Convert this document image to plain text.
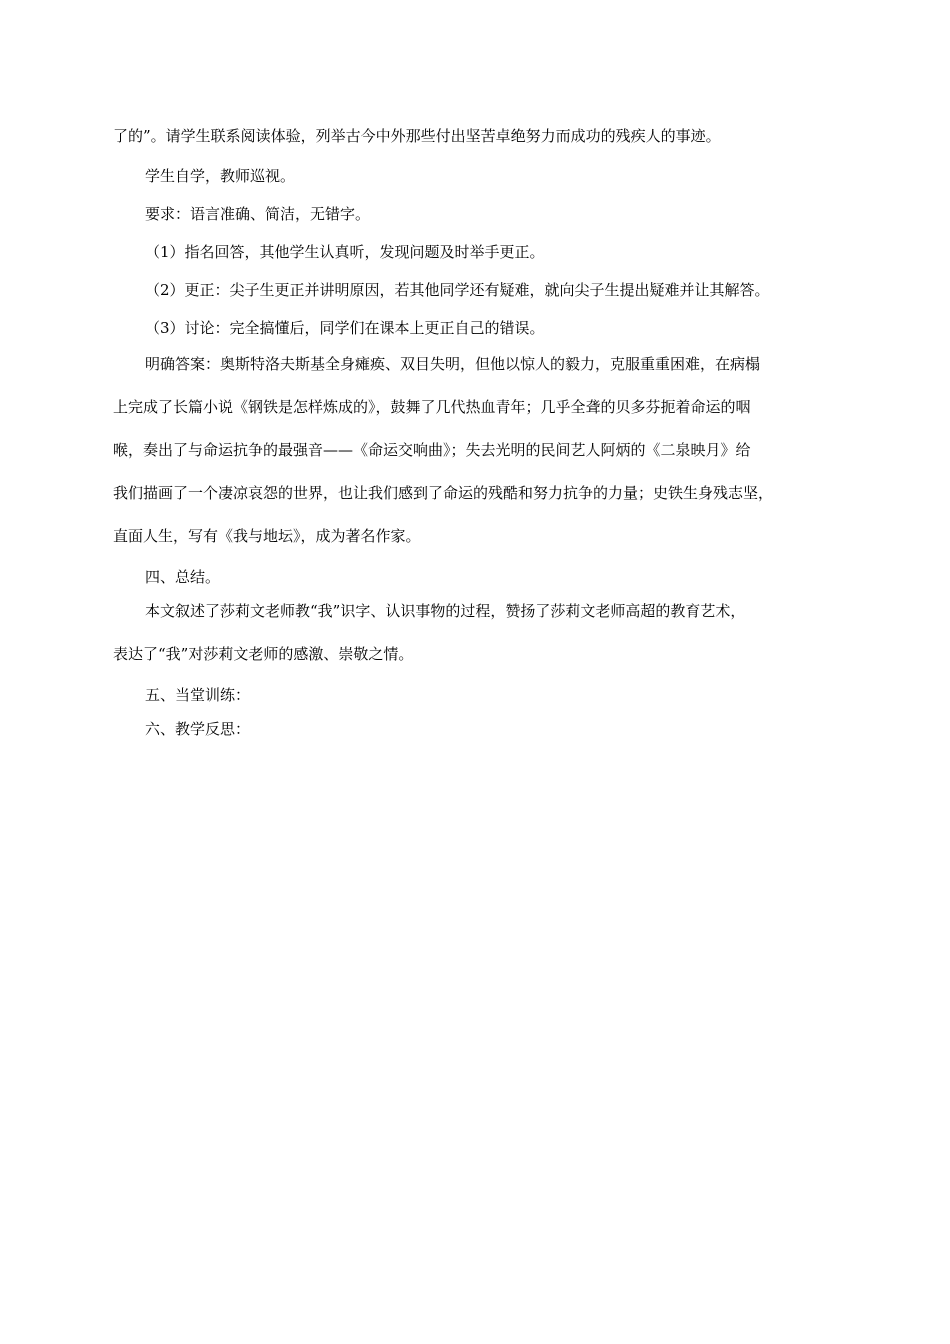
了的”。请学生联系阅读体验，列举古今中外那些付出坚苦卓绝努力而成功的残疾人的事迹。

学生自学，教师巡视。

要求：语言准确、简洁，无错字。

（1）指名回答，其他学生认真听，发现问题及时举手更正。

（2）更正：尖子生更正并讲明原因，若其他同学还有疑难，就向尖子生提出疑难并让其解答。

（3）讨论：完全搞懂后，同学们在课本上更正自己的错误。

明确答案：奥斯特洛夫斯基全身瘫痪、双目失明，但他以惊人的毅力，克服重重困难，在病榻
上完成了长篇小说《钢铁是怎样炼成的》，鼓舞了几代热血青年；几乎全聋的贝多芬扼着命运的咽
喉，奏出了与命运抗争的最强音——《命运交响曲》；失去光明的民间艺人阿炳的《二泉映月》给
我们描画了一个凄凉哀怨的世界，也让我们感到了命运的残酷和努力抗争的力量；史铁生身残志坚，
直面人生，写有《我与地坛》，成为著名作家。

四、总结。

本文叙述了莎莉文老师教“我”识字、认识事物的过程，赞扬了莎莉文老师高超的教育艺术，
表达了“我”对莎莉文老师的感激、崇敬之情。

五、当堂训练：

六、教学反思：
